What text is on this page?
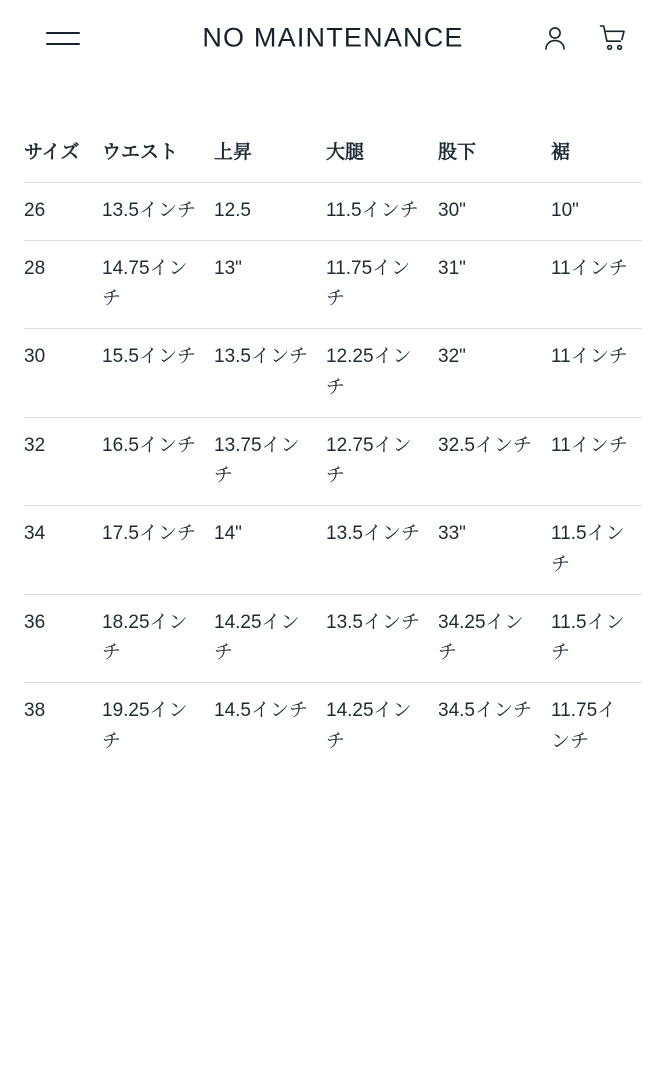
NO MAINTENANCE
サイズ	ウエスト	上昇	大腿	股下	裾
26	13.5インチ	12.5	11.5インチ	30"	10"
28	14.75インチ	13"	11.75インチ	31"	11インチ
30	15.5インチ	13.5インチ	12.25インチ	32"	11インチ
32	16.5インチ	13.75インチ	12.75インチ	32.5インチ	11インチ
34	17.5インチ	14"	13.5インチ	33"	11.5インチ
36	18.25インチ	14.25インチ	13.5インチ	34.25インチ	11.5インチ
38	19.25インチ	14.5インチ	14.25インチ	34.5インチ	11.75インチ
